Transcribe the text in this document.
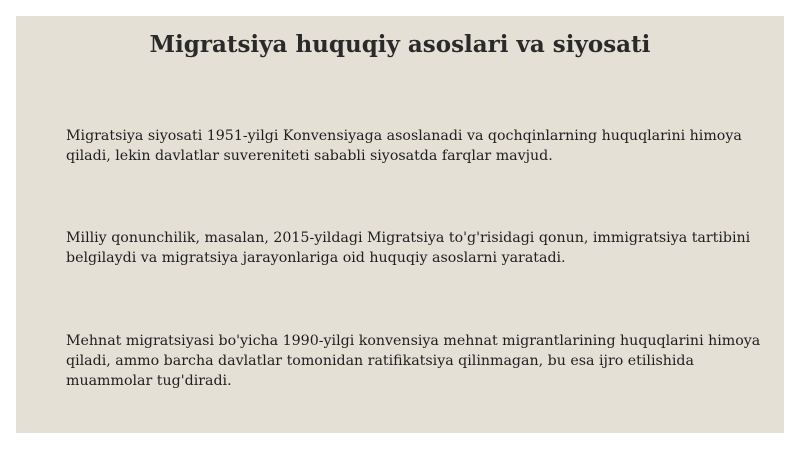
Migratsiya huquqiy asoslari va siyosati
Migratsiya siyosati 1951-yilgi Konvensiyaga asoslanadi va qochqinlarning huquqlarini himoya qiladi, lekin davlatlar suvereniteti sababli siyosatda farqlar mavjud.
Milliy qonunchilik, masalan, 2015-yildagi Migratsiya to'g'risidagi qonun, immigratsiya tartibini belgilaydi va migratsiya jarayonlariga oid huquqiy asoslarni yaratadi.
Mehnat migratsiyasi bo'yicha 1990-yilgi konvensiya mehnat migrantlarining huquqlarini himoya qiladi, ammo barcha davlatlar tomonidan ratifikatsiya qilinmagan, bu esa ijro etilishida muammolar tug'diradi.
